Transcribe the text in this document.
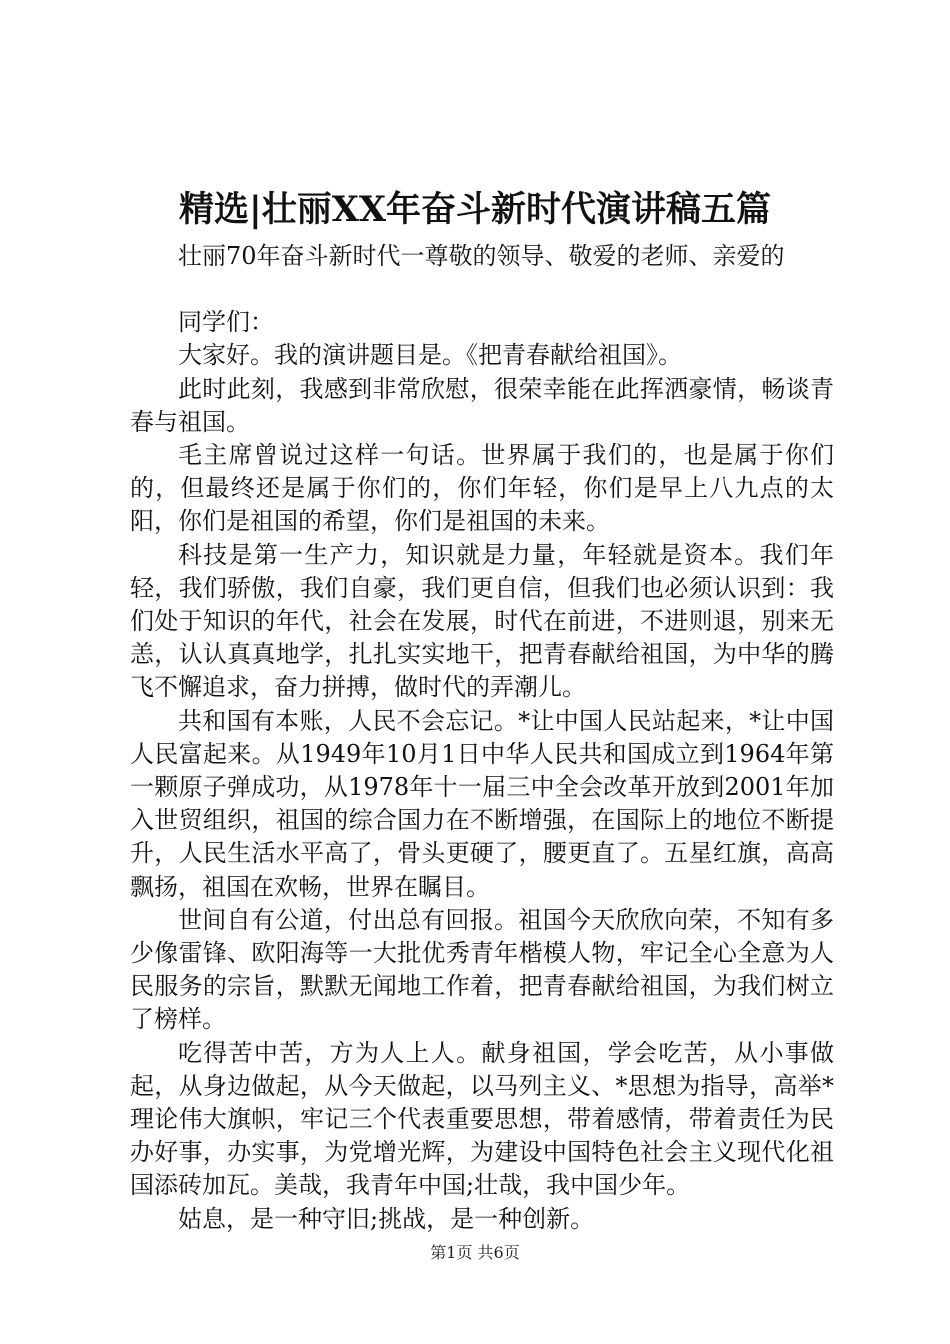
精选|壮丽XX年奋斗新时代演讲稿五篇

壮丽70年奋斗新时代一尊敬的领导、敬爱的老师、亲爱的

同学们：

大家好。我的演讲题目是。《把青春献给祖国》。

此时此刻，我感到非常欣慰，很荣幸能在此挥洒豪情，畅谈青春与祖国。

毛主席曾说过这样一句话。世界属于我们的，也是属于你们的，但最终还是属于你们的，你们年轻，你们是早上八九点的太阳，你们是祖国的希望，你们是祖国的未来。

科技是第一生产力，知识就是力量，年轻就是资本。我们年轻，我们骄傲，我们自豪，我们更自信，但我们也必须认识到：我们处于知识的年代，社会在发展，时代在前进，不进则退，别来无恙，认认真真地学，扎扎实实地干，把青春献给祖国，为中华的腾飞不懈追求，奋力拼搏，做时代的弄潮儿。

共和国有本账，人民不会忘记。*让中国人民站起来，*让中国人民富起来。从1949年10月1日中华人民共和国成立到1964年第一颗原子弹成功，从1978年十一届三中全会改革开放到2001年加入世贸组织，祖国的综合国力在不断增强，在国际上的地位不断提升，人民生活水平高了，骨头更硬了，腰更直了。五星红旗，高高飘扬，祖国在欢畅，世界在瞩目。

世间自有公道，付出总有回报。祖国今天欣欣向荣，不知有多少像雷锋、欧阳海等一大批优秀青年楷模人物，牢记全心全意为人民服务的宗旨，默默无闻地工作着，把青春献给祖国，为我们树立了榜样。

吃得苦中苦，方为人上人。献身祖国，学会吃苦，从小事做起，从身边做起，从今天做起，以马列主义、*思想为指导，高举*理论伟大旗帜，牢记三个代表重要思想，带着感情，带着责任为民办好事，办实事，为党增光辉，为建设中国特色社会主义现代化祖国添砖加瓦。美哉，我青年中国;壮哉，我中国少年。

姑息，是一种守旧;挑战，是一种创新。

第1页 共6页
